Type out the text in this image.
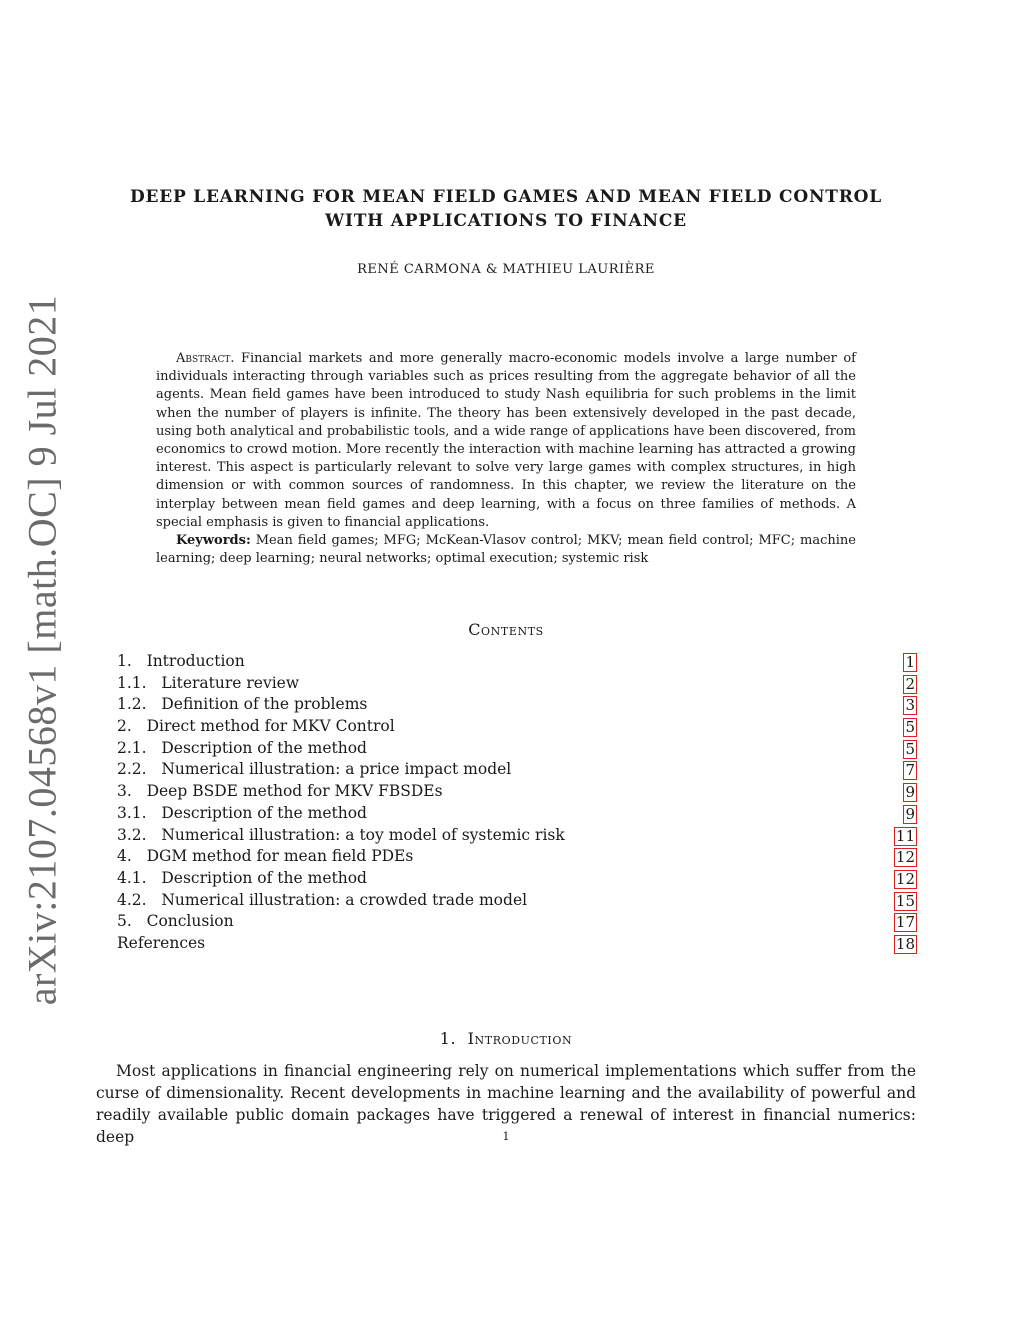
arXiv:2107.04568v1 [math.OC] 9 Jul 2021
DEEP LEARNING FOR MEAN FIELD GAMES AND MEAN FIELD CONTROL
WITH APPLICATIONS TO FINANCE
RENÉ CARMONA & MATHIEU LAURIÈRE

Abstract. Financial markets and more generally macro-economic models involve a large number of individuals interacting through variables such as prices resulting from the aggregate behavior of all the agents. Mean field games have been introduced to study Nash equilibria for such problems in the limit when the number of players is infinite. The theory has been extensively developed in the past decade, using both analytical and probabilistic tools, and a wide range of applications have been discovered, from economics to crowd motion. More recently the interaction with machine learning has attracted a growing interest. This aspect is particularly relevant to solve very large games with complex structures, in high dimension or with common sources of randomness. In this chapter, we review the literature on the interplay between mean field games and deep learning, with a focus on three families of methods. A special emphasis is given to financial applications.

Keywords: Mean field games; MFG; McKean-Vlasov control; MKV; mean field control; MFC; machine learning; deep learning; neural networks; optimal execution; systemic risk

Contents
1. Introduction	1
1.1. Literature review	2
1.2. Definition of the problems	3
2. Direct method for MKV Control	5
2.1. Description of the method	5
2.2. Numerical illustration: a price impact model	7
3. Deep BSDE method for MKV FBSDEs	9
3.1. Description of the method	9
3.2. Numerical illustration: a toy model of systemic risk	11
4. DGM method for mean field PDEs	12
4.1. Description of the method	12
4.2. Numerical illustration: a crowded trade model	15
5. Conclusion	17
References	18
1. Introduction

Most applications in financial engineering rely on numerical implementations which suffer from the curse of dimensionality. Recent developments in machine learning and the availability of powerful and readily available public domain packages have triggered a renewal of interest in financial numerics: deep	1
